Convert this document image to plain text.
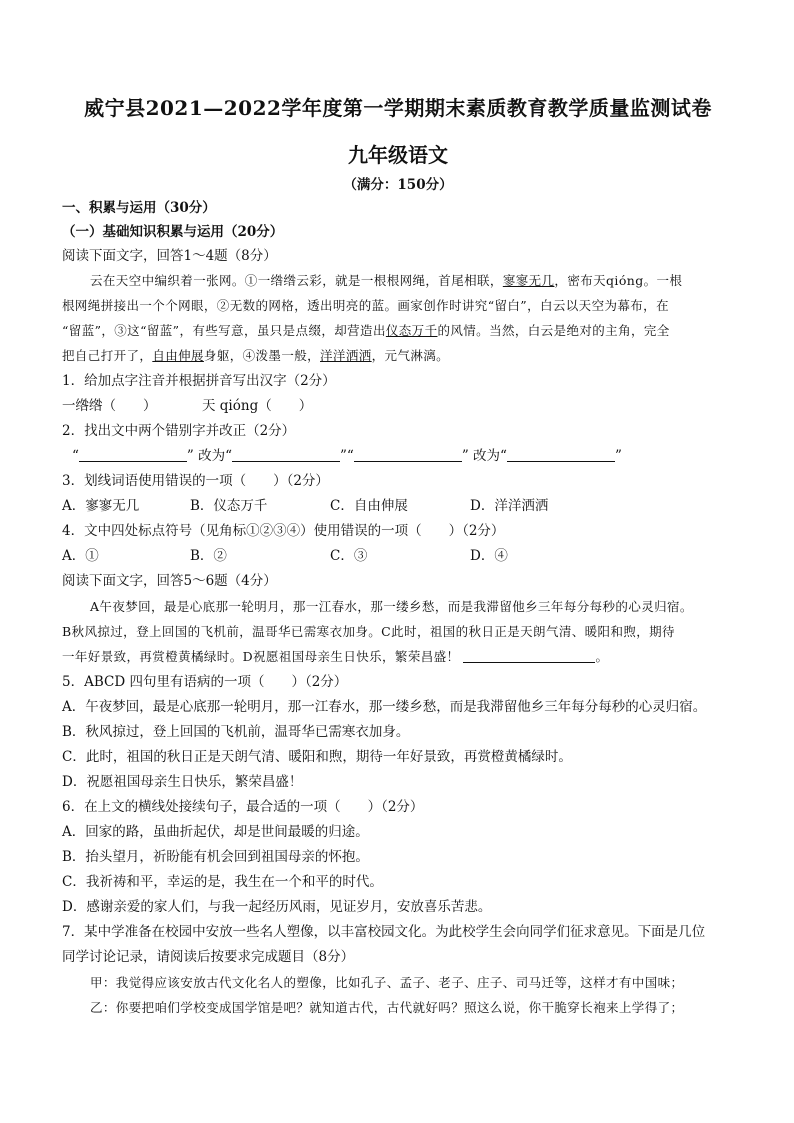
威宁县2021—2022学年度第一学期期末素质教育教学质量监测试卷
九年级语文
（满分：150分）
一、积累与运用（30分）
（一）基础知识积累与运用（20分）
阅读下面文字，回答1～4题（8分）
云在天空中编织着一张网。①一绺绺云彩，就是一根根网绳，首尾相联，寥寥无几，密布天qióng。一根
根网绳拼接出一个个网眼，②无数的网格，透出明亮的蓝。画家创作时讲究“留白”，白云以天空为幕布，在
“留蓝”，③这“留蓝”，有些写意，虽只是点缀，却营造出仪态万千的风情。当然，白云是绝对的主角，完全
把自己打开了，自由伸展身躯，④泼墨一般，洋洋洒洒，元气淋漓。
1．给加点字注音并根据拼音写出汉字（2分）
一绺绺（　　）	天 qióng（　　）
2．找出文中两个错别字并改正（2分）
“	” 改为“	”“	” 改为“	”
3．划线词语使用错误的一项（　　）（2分）
A．寥寥无几	B．仪态万千	C．自由伸展	D．洋洋洒洒
4．文中四处标点符号（见角标①②③④）使用错误的一项（　　）（2分）
A．①	B．②	C．③	D．④
阅读下面文字，回答5～6题（4分）
A午夜梦回，最是心底那一轮明月，那一江春水，那一缕乡愁，而是我滞留他乡三年每分每秒的心灵归宿。
B秋风掠过，登上回国的飞机前，温哥华已需寒衣加身。C此时，祖国的秋日正是天朗气清、暖阳和煦，期待
一年好景致，再赏橙黄橘绿时。D祝愿祖国母亲生日快乐，繁荣昌盛！	。
5．ABCD 四句里有语病的一项（　　）（2分）
A．午夜梦回，最是心底那一轮明月，那一江春水，那一缕乡愁，而是我滞留他乡三年每分每秒的心灵归宿。
B．秋风掠过，登上回国的飞机前，温哥华已需寒衣加身。
C．此时，祖国的秋日正是天朗气清、暖阳和煦，期待一年好景致，再赏橙黄橘绿时。
D．祝愿祖国母亲生日快乐，繁荣昌盛！
6．在上文的横线处接续句子，最合适的一项（　　）（2分）
A．回家的路，虽曲折起伏，却是世间最暖的归途。
B．抬头望月，祈盼能有机会回到祖国母亲的怀抱。
C．我祈祷和平，幸运的是，我生在一个和平的时代。
D．感谢亲爱的家人们，与我一起经历风雨，见证岁月，安放喜乐苦悲。
7．某中学准备在校园中安放一些名人塑像，以丰富校园文化。为此校学生会向同学们征求意见。下面是几位
同学讨论记录，请阅读后按要求完成题目（8分）
甲：我觉得应该安放古代文化名人的塑像，比如孔子、孟子、老子、庄子、司马迁等，这样才有中国味；
乙：你要把咱们学校变成国学馆是吧？就知道古代，古代就好吗？照这么说，你干脆穿长袍来上学得了；
